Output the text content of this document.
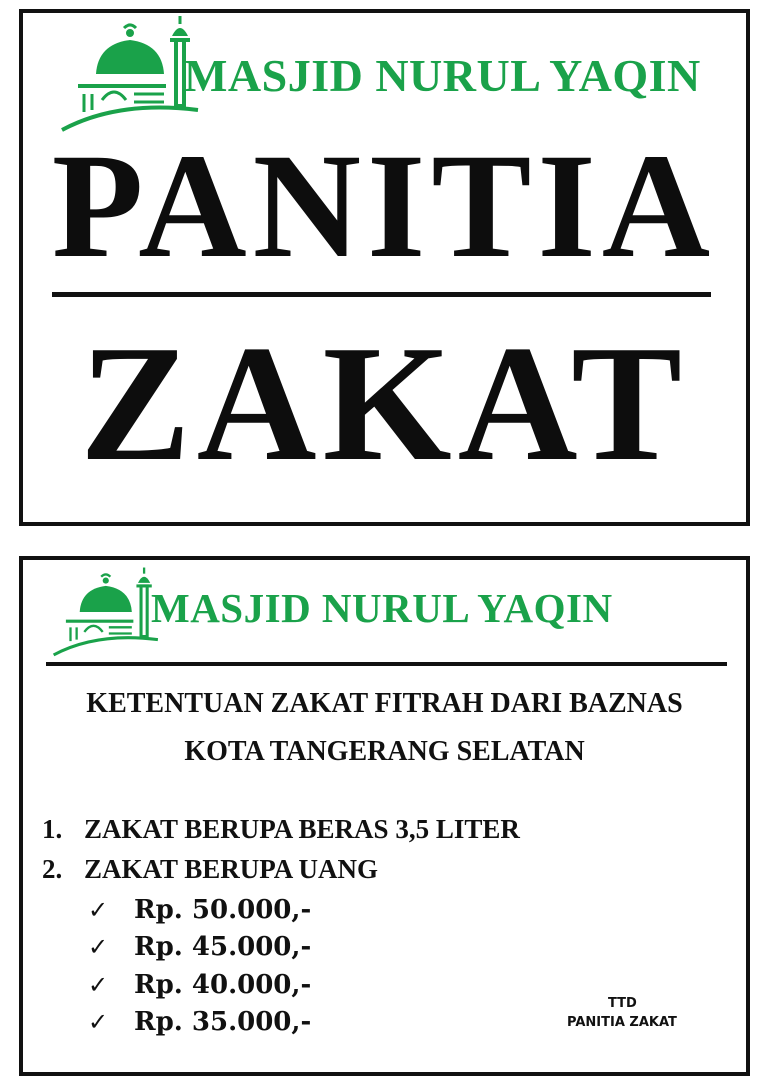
MASJID NURUL YAQIN
PANITIA
ZAKAT
MASJID NURUL YAQIN
KETENTUAN ZAKAT FITRAH DARI BAZNAS
KOTA TANGERANG SELATAN
1. ZAKAT BERUPA BERAS 3,5 LITER
2. ZAKAT BERUPA UANG
✓ Rp. 50.000,-
✓ Rp. 45.000,-
✓ Rp. 40.000,-
✓ Rp. 35.000,-
TTD
PANITIA ZAKAT
